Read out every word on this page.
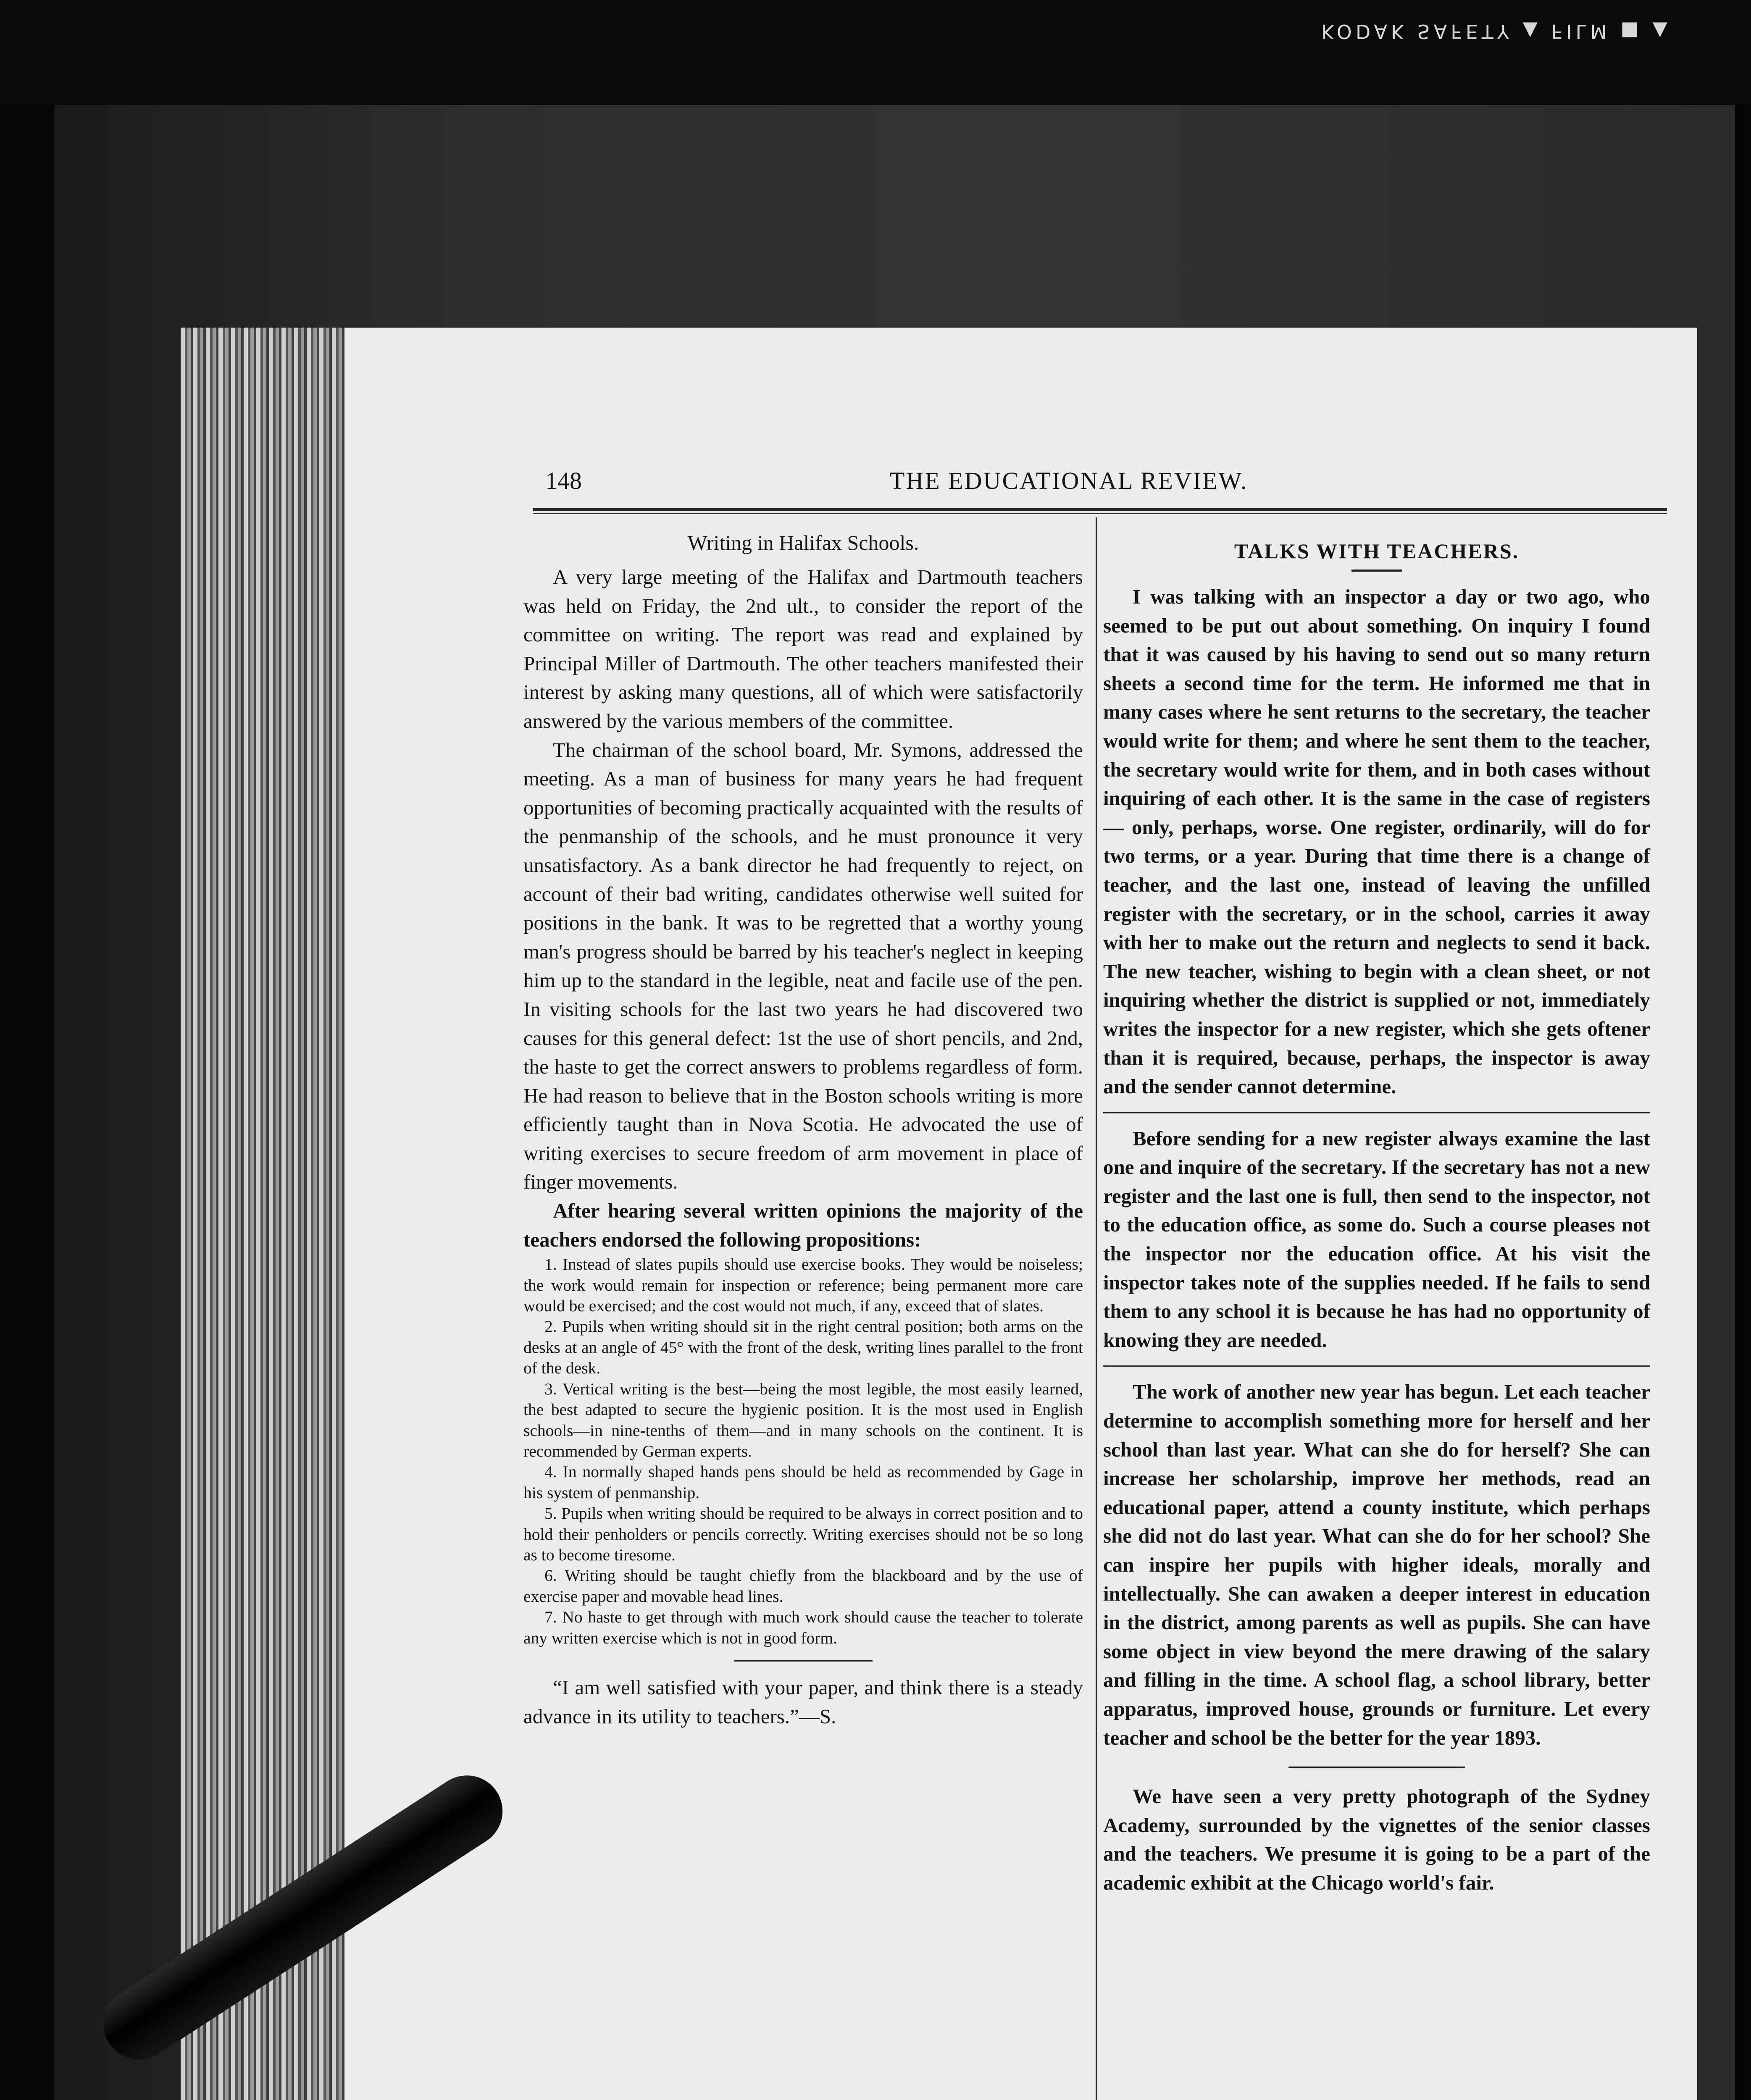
KODAK SAFETY ▲ FILM ■ ▲
148	THE EDUCATIONAL REVIEW.
Writing in Halifax Schools.

A very large meeting of the Halifax and Dartmouth teachers was held on Friday, the 2nd ult., to consider the report of the committee on writing. The report was read and explained by Principal Miller of Dartmouth. The other teachers manifested their interest by asking many questions, all of which were satisfactorily answered by the various members of the committee.

The chairman of the school board, Mr. Symons, addressed the meeting. As a man of business for many years he had frequent opportunities of becoming practically acquainted with the results of the penmanship of the schools, and he must pronounce it very unsatisfactory. As a bank director he had frequently to reject, on account of their bad writing, candidates otherwise well suited for positions in the bank. It was to be regretted that a worthy young man's progress should be barred by his teacher's neglect in keeping him up to the standard in the legible, neat and facile use of the pen. In visiting schools for the last two years he had discovered two causes for this general defect: 1st the use of short pencils, and 2nd, the haste to get the correct answers to problems regardless of form. He had reason to believe that in the Boston schools writing is more efficiently taught than in Nova Scotia. He advocated the use of writing exercises to secure freedom of arm movement in place of finger movements.

After hearing several written opinions the majority of the teachers endorsed the following propositions:

1. Instead of slates pupils should use exercise books. They would be noiseless; the work would remain for inspection or reference; being permanent more care would be exercised; and the cost would not much, if any, exceed that of slates.

2. Pupils when writing should sit in the right central position; both arms on the desks at an angle of 45° with the front of the desk, writing lines parallel to the front of the desk.

3. Vertical writing is the best—being the most legible, the most easily learned, the best adapted to secure the hygienic position. It is the most used in English schools—in nine-tenths of them—and in many schools on the continent. It is recommended by German experts.

4. In normally shaped hands pens should be held as recommended by Gage in his system of penmanship.

5. Pupils when writing should be required to be always in correct position and to hold their penholders or pencils correctly. Writing exercises should not be so long as to become tiresome.

6. Writing should be taught chiefly from the blackboard and by the use of exercise paper and movable head lines.

7. No haste to get through with much work should cause the teacher to tolerate any written exercise which is not in good form.

“I am well satisfied with your paper, and think there is a steady advance in its utility to teachers.”—S.

TALKS WITH TEACHERS.

I was talking with an inspector a day or two ago, who seemed to be put out about something. On inquiry I found that it was caused by his having to send out so many return sheets a second time for the term. He informed me that in many cases where he sent returns to the secretary, the teacher would write for them; and where he sent them to the teacher, the secretary would write for them, and in both cases without inquiring of each other. It is the same in the case of registers — only, perhaps, worse. One register, ordinarily, will do for two terms, or a year. During that time there is a change of teacher, and the last one, instead of leaving the unfilled register with the secretary, or in the school, carries it away with her to make out the return and neglects to send it back. The new teacher, wishing to begin with a clean sheet, or not inquiring whether the district is supplied or not, immediately writes the inspector for a new register, which she gets oftener than it is required, because, perhaps, the inspector is away and the sender cannot determine.

Before sending for a new register always examine the last one and inquire of the secretary. If the secretary has not a new register and the last one is full, then send to the inspector, not to the education office, as some do. Such a course pleases not the inspector nor the education office. At his visit the inspector takes note of the supplies needed. If he fails to send them to any school it is because he has had no opportunity of knowing they are needed.

The work of another new year has begun. Let each teacher determine to accomplish something more for herself and her school than last year. What can she do for herself? She can increase her scholarship, improve her methods, read an educational paper, attend a county institute, which perhaps she did not do last year. What can she do for her school? She can inspire her pupils with higher ideals, morally and intellectually. She can awaken a deeper interest in education in the district, among parents as well as pupils. She can have some object in view beyond the mere drawing of the salary and filling in the time. A school flag, a school library, better apparatus, improved house, grounds or furniture. Let every teacher and school be the better for the year 1893.

We have seen a very pretty photograph of the Sydney Academy, surrounded by the vignettes of the senior classes and the teachers. We presume it is going to be a part of the academic exhibit at the Chicago world's fair.
